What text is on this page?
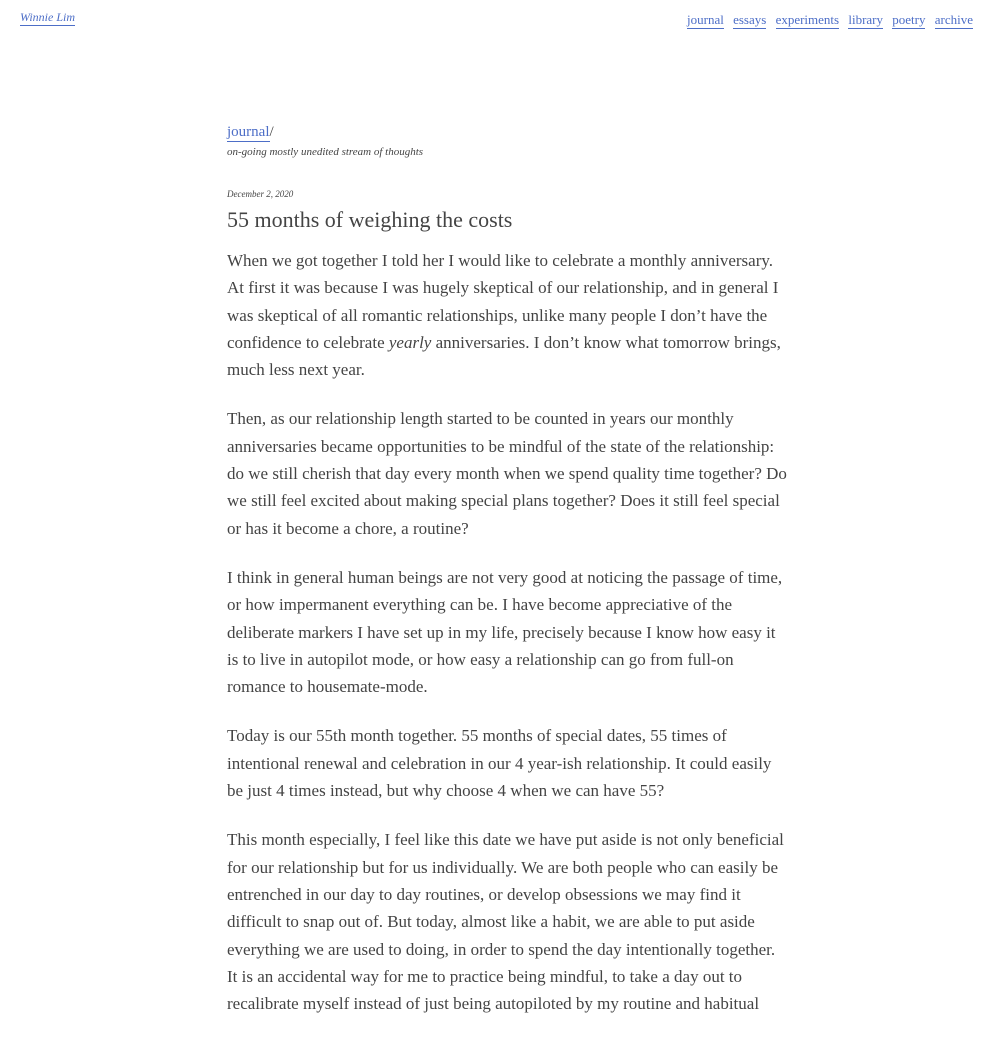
Winnie Lim	journal essays experiments library poetry archive
journal/
on-going mostly unedited stream of thoughts
December 2, 2020
55 months of weighing the costs

When we got together I told her I would like to celebrate a monthly anniversary. At first it was because I was hugely skeptical of our relationship, and in general I was skeptical of all romantic relationships, unlike many people I don’t have the confidence to celebrate yearly anniversaries. I don’t know what tomorrow brings, much less next year.

Then, as our relationship length started to be counted in years our monthly anniversaries became opportunities to be mindful of the state of the relationship: do we still cherish that day every month when we spend quality time together? Do we still feel excited about making special plans together? Does it still feel special or has it become a chore, a routine?

I think in general human beings are not very good at noticing the passage of time, or how impermanent everything can be. I have become appreciative of the deliberate markers I have set up in my life, precisely because I know how easy it is to live in autopilot mode, or how easy a relationship can go from full-on romance to housemate-mode.

Today is our 55th month together. 55 months of special dates, 55 times of intentional renewal and celebration in our 4 year-ish relationship. It could easily be just 4 times instead, but why choose 4 when we can have 55?

This month especially, I feel like this date we have put aside is not only beneficial for our relationship but for us individually. We are both people who can easily be entrenched in our day to day routines, or develop obsessions we may find it difficult to snap out of. But today, almost like a habit, we are able to put aside everything we are used to doing, in order to spend the day intentionally together. It is an accidental way for me to practice being mindful, to take a day out to recalibrate myself instead of just being autopiloted by my routine and habitual
